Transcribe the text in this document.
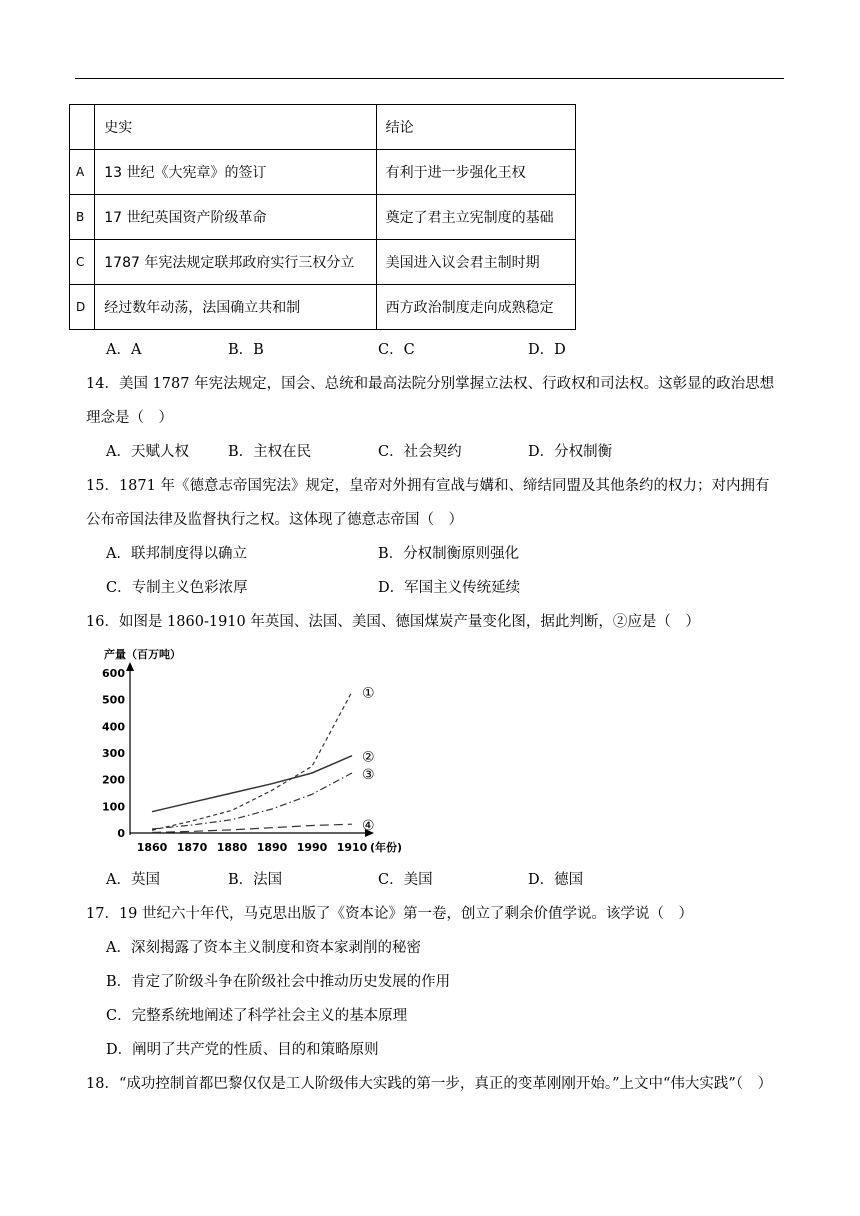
	史实	结论
A	13 世纪《大宪章》的签订	有利于进一步强化王权
B	17 世纪英国资产阶级革命	奠定了君主立宪制度的基础
C	1787 年宪法规定联邦政府实行三权分立	美国进入议会君主制时期
D	经过数年动荡，法国确立共和制	西方政治制度走向成熟稳定
A．A	B．B	C．C	D．D
14．美国 1787 年宪法规定，国会、总统和最高法院分别掌握立法权、行政权和司法权。这彰显的政治思想
理念是（　）
A．天赋人权	B．主权在民	C．社会契约	D．分权制衡
15．1871 年《德意志帝国宪法》规定，皇帝对外拥有宣战与媾和、缔结同盟及其他条约的权力；对内拥有
公布帝国法律及监督执行之权。这体现了德意志帝国（　）
A．联邦制度得以确立	B．分权制衡原则强化
C．专制主义色彩浓厚	D．军国主义传统延续
16．如图是 1860-1910 年英国、法国、美国、德国煤炭产量变化图，据此判断，②应是（　）
产量（百万吨）
0
100
200
300
400
500
600
1860 1870 1880 1890 1990 1910 (年份)
①
②
③
④
A．英国	B．法国	C．美国	D．德国
17．19 世纪六十年代，马克思出版了《资本论》第一卷，创立了剩余价值学说。该学说（　）
A．深刻揭露了资本主义制度和资本家剥削的秘密
B．肯定了阶级斗争在阶级社会中推动历史发展的作用
C．完整系统地阐述了科学社会主义的基本原理
D．阐明了共产党的性质、目的和策略原则
18．“成功控制首都巴黎仅仅是工人阶级伟大实践的第一步，真正的变革刚刚开始。”上文中“伟大实践”（　）
